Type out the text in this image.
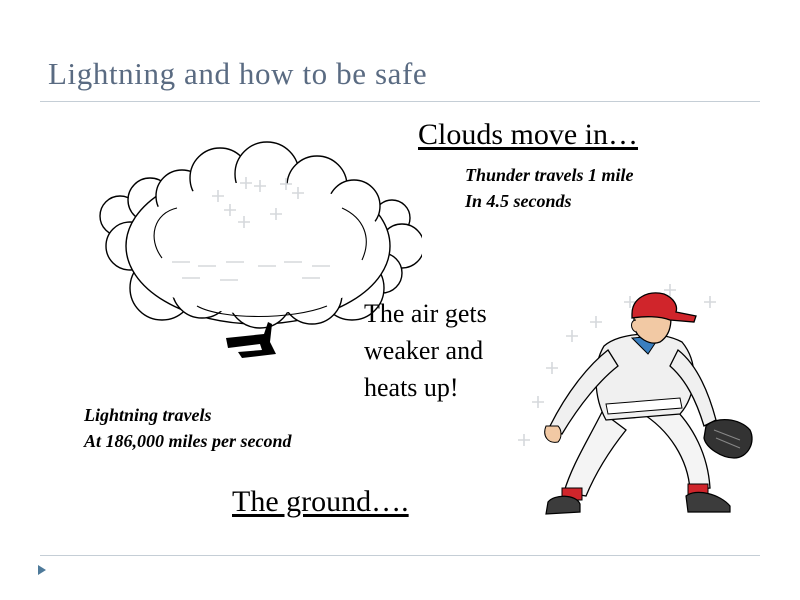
Lightning and how to be safe
Clouds move in…
Thunder travels 1 mile
In 4.5 seconds
The air gets
weaker and
heats up!
Lightning travels
At 186,000 miles per second
The ground….
